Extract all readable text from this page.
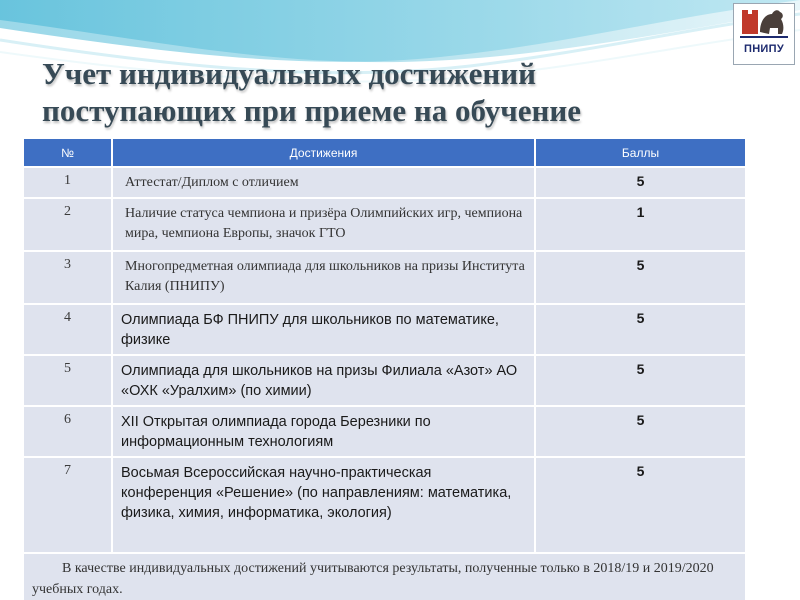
ПНИПУ
Учет индивидуальных достижений поступающих при приеме на обучение
№	Достижения	Баллы
1	Аттестат/Диплом с отличием	5
2	Наличие статуса чемпиона и призёра Олимпийских игр, чемпиона мира, чемпиона Европы, значок ГТО	1
3	Многопредметная олимпиада для школьников на призы Института Калия (ПНИПУ)	5
4	Олимпиада БФ ПНИПУ для школьников по математике, физике	5
5	Олимпиада для школьников на призы Филиала «Азот» АО «ОХК «Уралхим» (по химии)	5
6	XII Открытая олимпиада города Березники по информационным технологиям	5
7	Восьмая Всероссийская научно-практическая конференция «Решение» (по направлениям: математика, физика, химия, информатика, экология)	5
В качестве индивидуальных достижений учитываются результаты, полученные только в 2018/19 и 2019/2020 учебных годах.		
